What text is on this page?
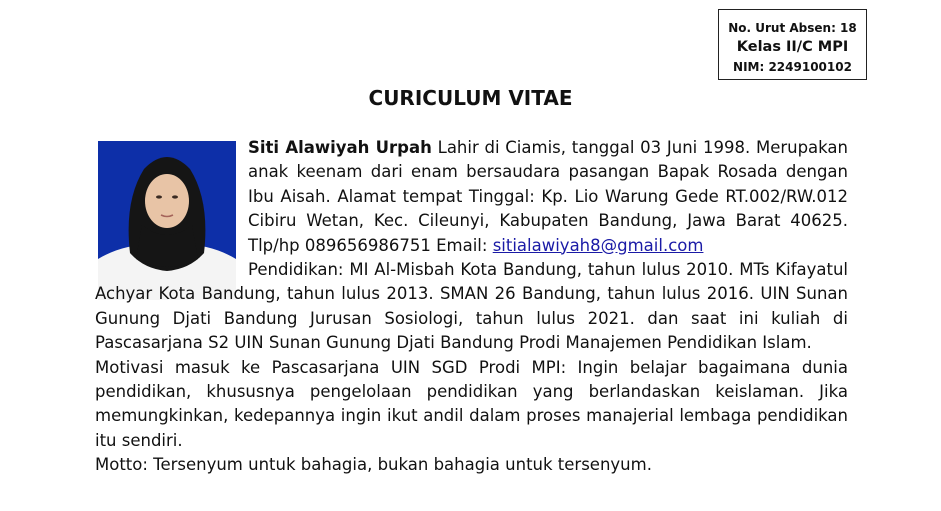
No. Urut Absen: 18
Kelas II/C MPI
NIM: 2249100102
CURICULUM VITAE

Siti Alawiyah Urpah Lahir di Ciamis, tanggal 03 Juni 1998. Merupakan anak keenam dari enam bersaudara pasangan Bapak Rosada dengan Ibu Aisah. Alamat tempat Tinggal: Kp. Lio Warung Gede RT.002/RW.012 Cibiru Wetan, Kec. Cileunyi, Kabupaten Bandung, Jawa Barat 40625. Tlp/hp 089656986751 Email: sitialawiyah8@gmail.com

Pendidikan: MI Al-Misbah Kota Bandung, tahun lulus 2010. MTs Kifayatul Achyar Kota Bandung, tahun lulus 2013. SMAN 26 Bandung, tahun lulus 2016. UIN Sunan Gunung Djati Bandung Jurusan Sosiologi, tahun lulus 2021. dan saat ini kuliah di Pascasarjana S2 UIN Sunan Gunung Djati Bandung Prodi Manajemen Pendidikan Islam.

Motivasi masuk ke Pascasarjana UIN SGD Prodi MPI: Ingin belajar bagaimana dunia pendidikan, khususnya pengelolaan pendidikan yang berlandaskan keislaman. Jika memungkinkan, kedepannya ingin ikut andil dalam proses manajerial lembaga pendidikan itu sendiri.

Motto: Tersenyum untuk bahagia, bukan bahagia untuk tersenyum.
